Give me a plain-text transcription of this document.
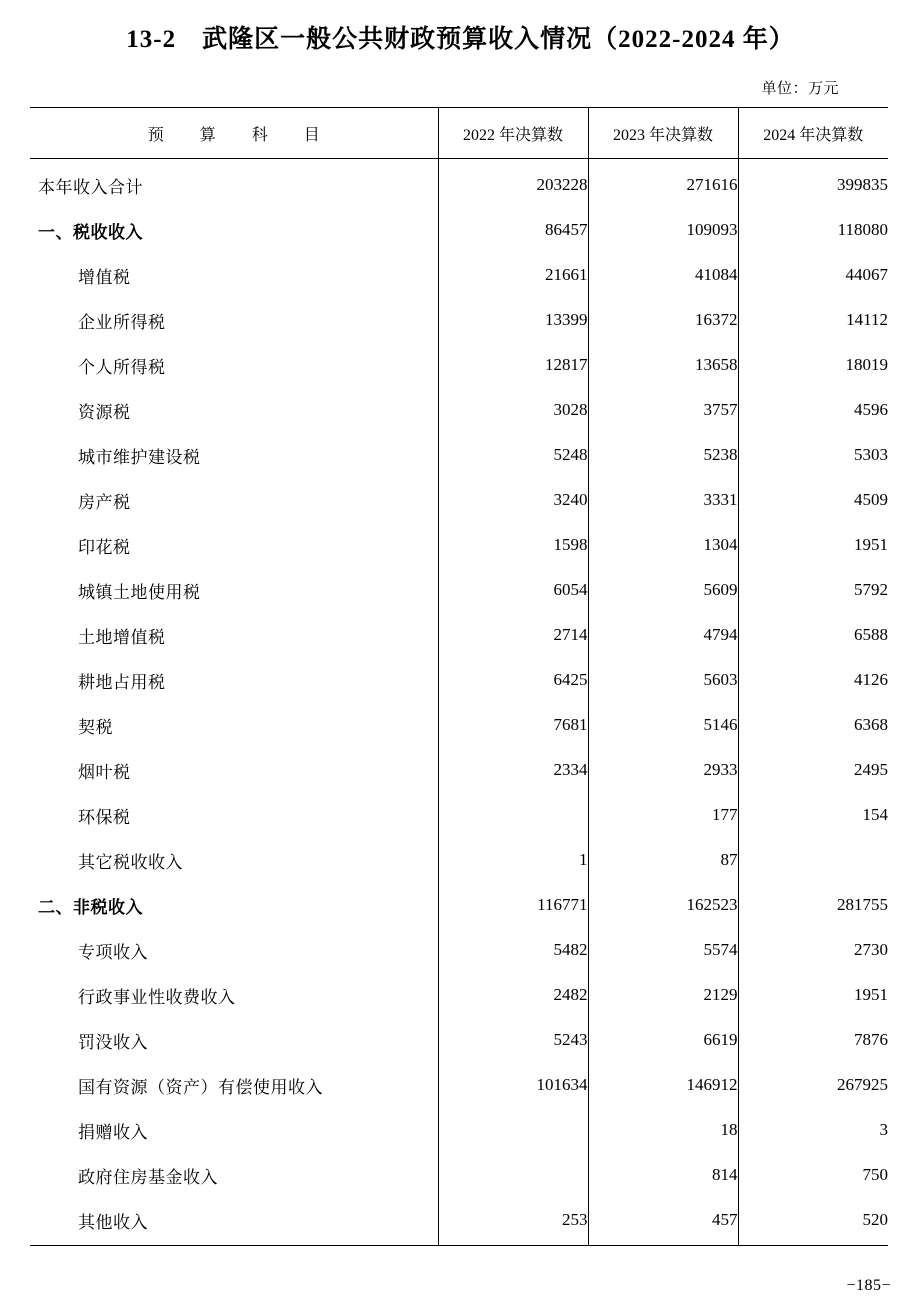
13-2　武隆区一般公共财政预算收入情况（2022-2024 年）
单位：万元
预　算　科　目	2022 年决算数	2023 年决算数	2024 年决算数
本年收入合计	203228	271616	399835
一、税收收入	86457	109093	118080
增值税	21661	41084	44067
企业所得税	13399	16372	14112
个人所得税	12817	13658	18019
资源税	3028	3757	4596
城市维护建设税	5248	5238	5303
房产税	3240	3331	4509
印花税	1598	1304	1951
城镇土地使用税	6054	5609	5792
土地增值税	2714	4794	6588
耕地占用税	6425	5603	4126
契税	7681	5146	6368
烟叶税	2334	2933	2495
环保税		177	154
其它税收收入	1	87	
二、非税收入	116771	162523	281755
专项收入	5482	5574	2730
行政事业性收费收入	2482	2129	1951
罚没收入	5243	6619	7876
国有资源（资产）有偿使用收入	101634	146912	267925
捐赠收入		18	3
政府住房基金收入		814	750
其他收入	253	457	520
−185−
